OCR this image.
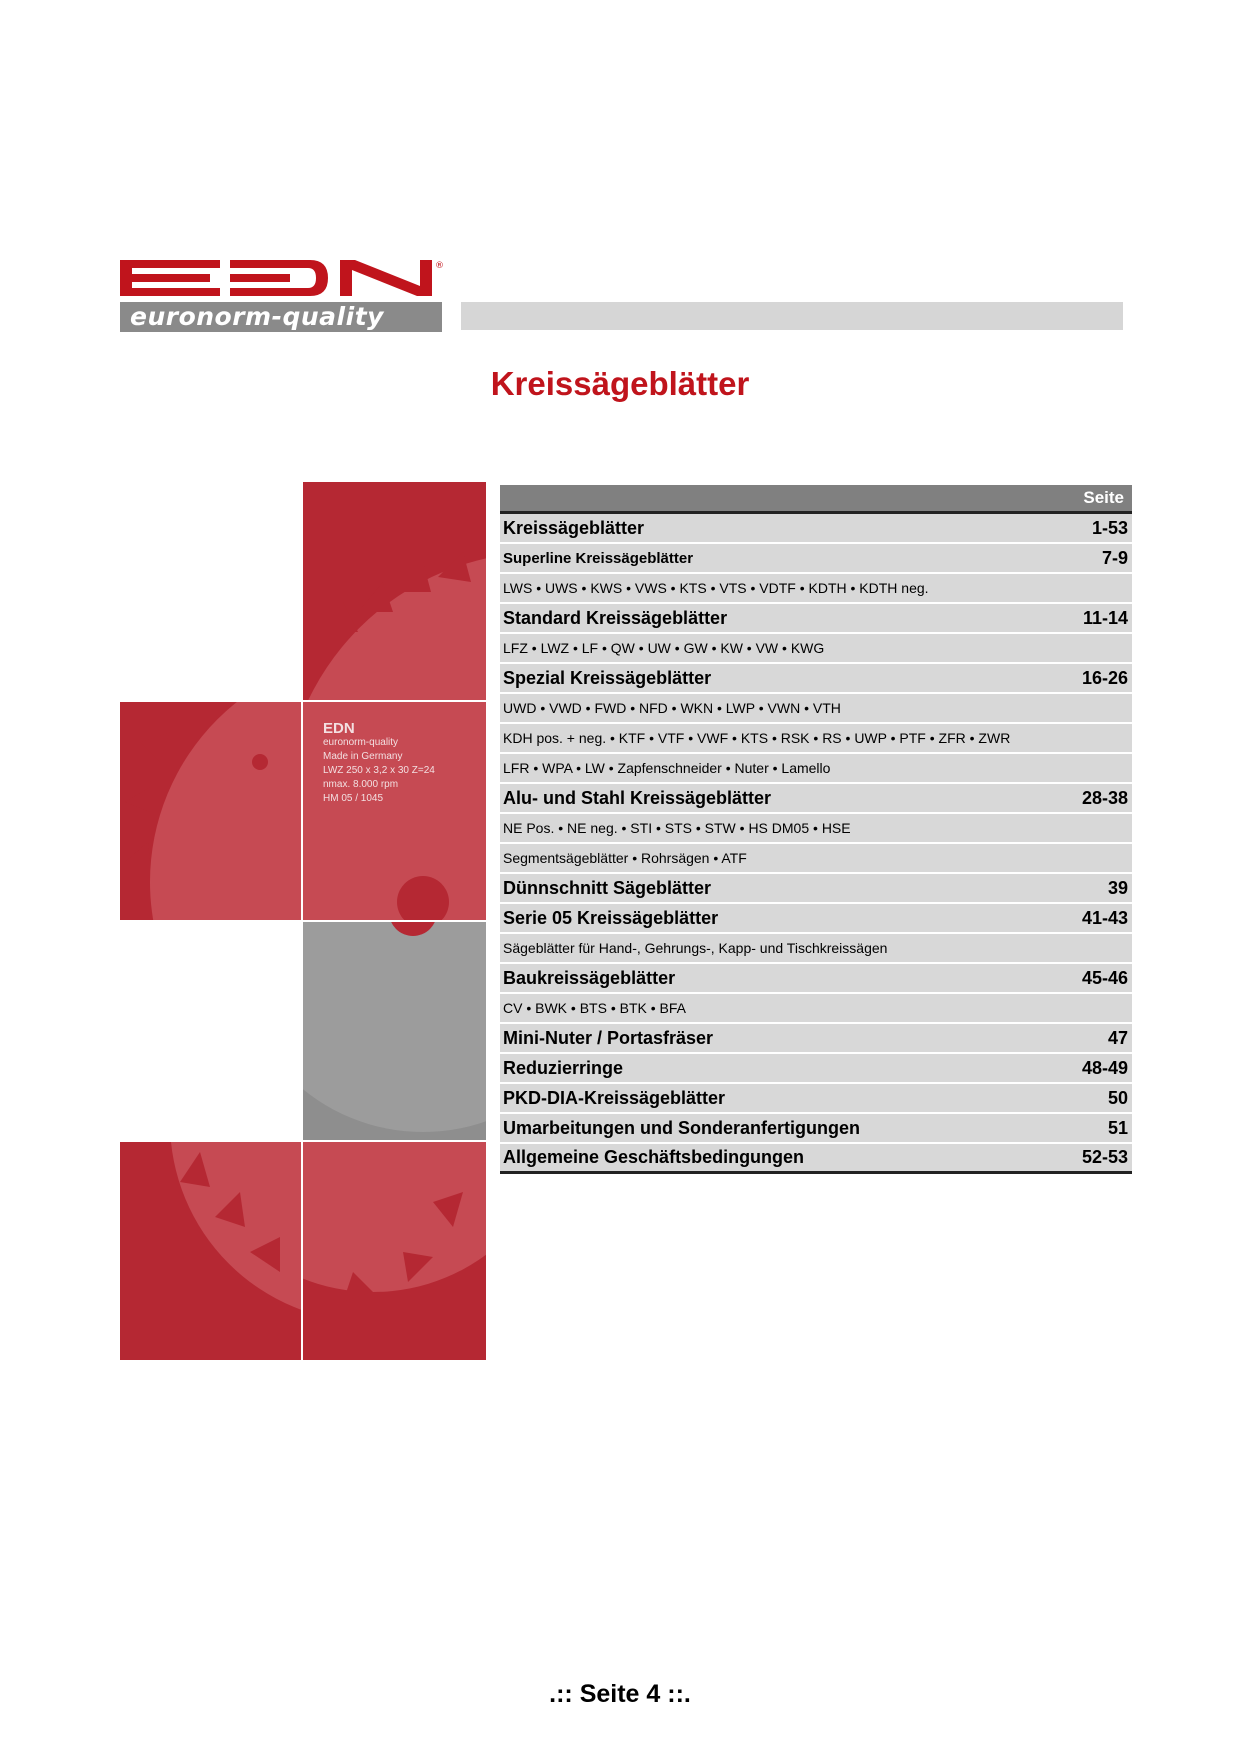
®
euronorm-quality
Kreissägeblätter
EDN
euronorm-quality
Made in Germany
LWZ 250 x 3,2 x 30 Z=24
nmax. 8.000 rpm
HM 05 / 1045
Seite
Kreissägeblätter	1-53
Superline Kreissägeblätter	7-9
LWS • UWS • KWS • VWS • KTS • VTS • VDTF • KDTH • KDTH neg.
Standard Kreissägeblätter	11-14
LFZ • LWZ • LF • QW • UW • GW • KW • VW • KWG
Spezial Kreissägeblätter	16-26
UWD • VWD • FWD • NFD • WKN • LWP • VWN • VTH
KDH pos. + neg. • KTF • VTF • VWF • KTS • RSK • RS • UWP • PTF • ZFR • ZWR
LFR • WPA • LW • Zapfenschneider • Nuter • Lamello
Alu- und Stahl Kreissägeblätter	28-38
NE Pos. • NE neg. • STI • STS • STW • HS DM05 • HSE
Segmentsägeblätter • Rohrsägen • ATF
Dünnschnitt Sägeblätter	39
Serie 05 Kreissägeblätter	41-43
Sägeblätter für Hand-, Gehrungs-, Kapp- und Tischkreissägen
Baukreissägeblätter	45-46
CV • BWK • BTS • BTK • BFA
Mini-Nuter / Portasfräser	47
Reduzierringe	48-49
PKD-DIA-Kreissägeblätter	50
Umarbeitungen und Sonderanfertigungen	51
Allgemeine Geschäftsbedingungen	52-53
.:: Seite 4 ::.
